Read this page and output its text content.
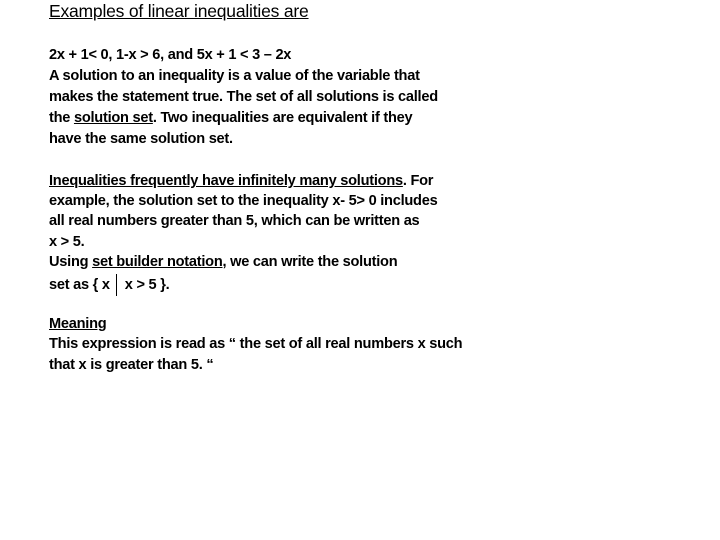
Examples of linear inequalities are
2x + 1< 0, 1-x > 6, and 5x + 1 < 3 – 2x
A solution to an inequality is a value of the variable that
makes the statement true. The set of all solutions is called
the solution set. Two inequalities are equivalent if they
have the same solution set.
Inequalities frequently have infinitely many solutions. For
example, the solution set to the inequality x- 5> 0 includes
all real numbers greater than 5, which can be written as
x > 5.
Using set builder notation, we can write the solution
set as { x x > 5 }.
Meaning
This expression is read as “ the set of all real numbers x such
that x is greater than 5. “
